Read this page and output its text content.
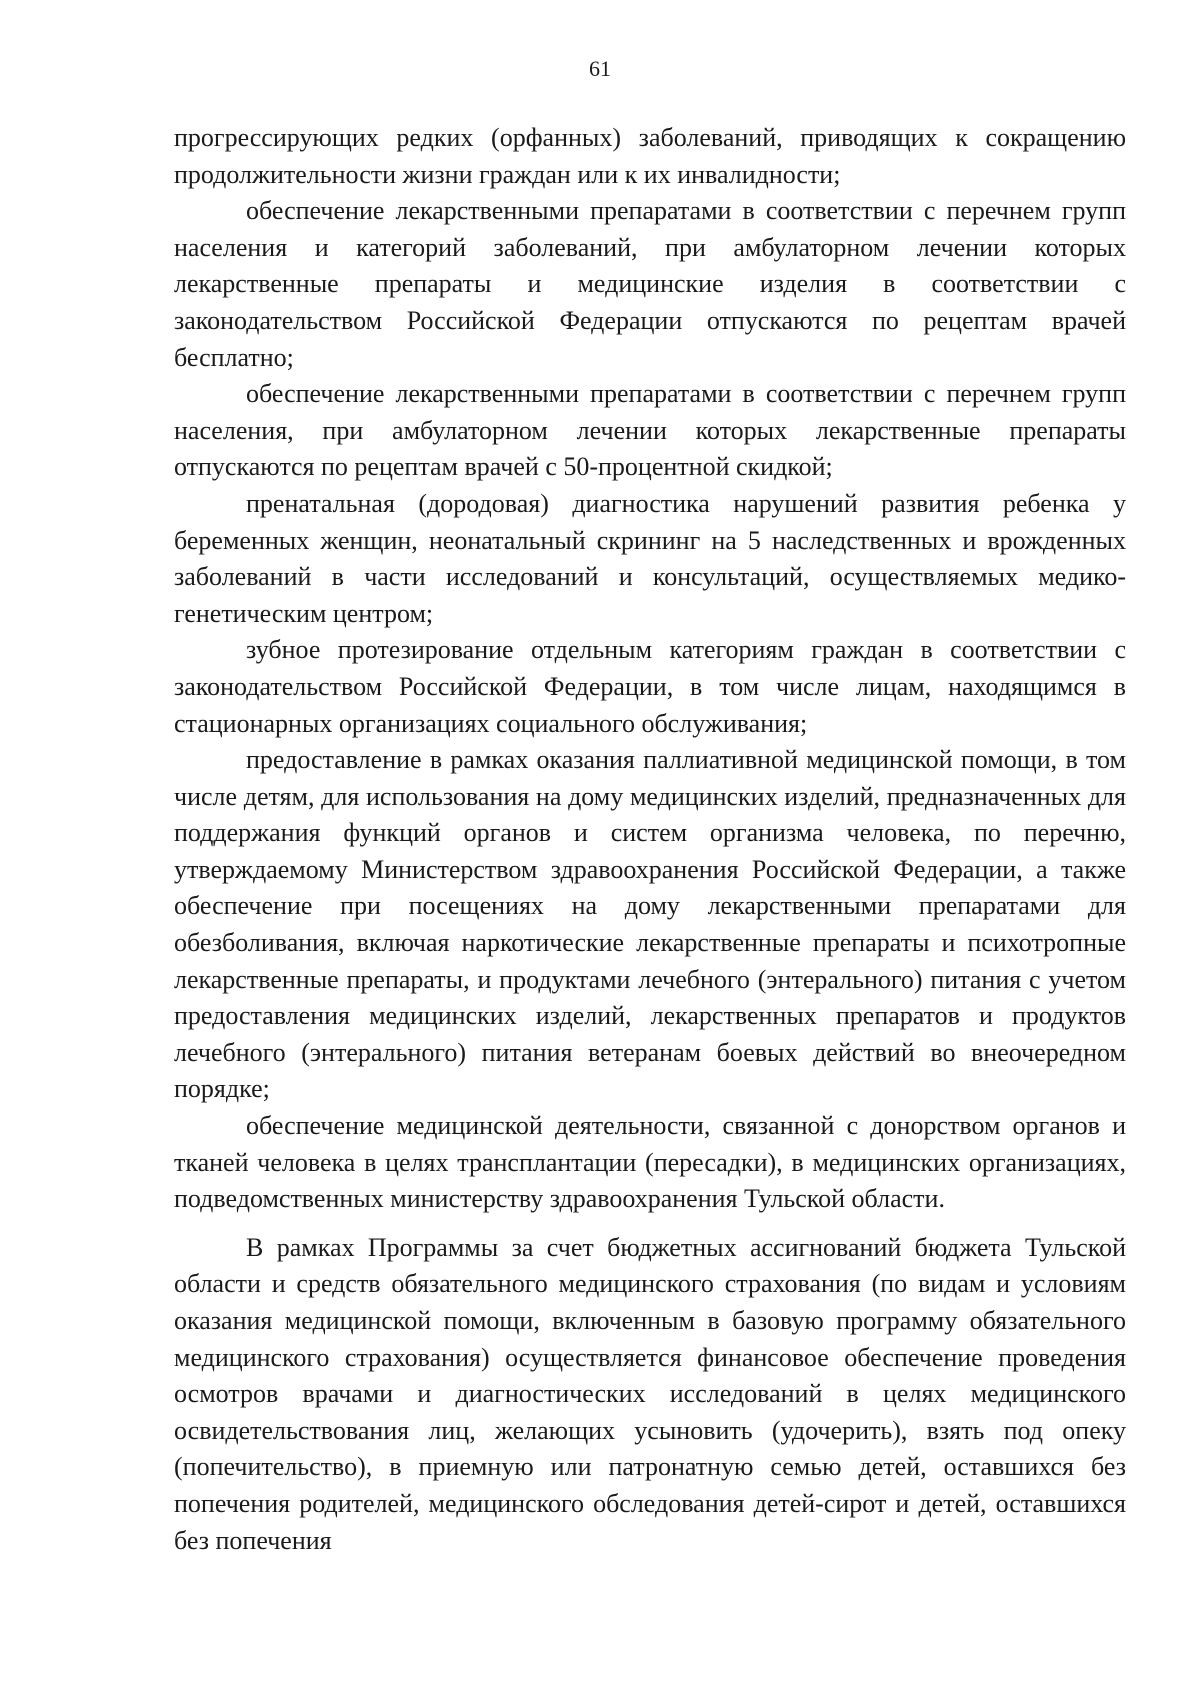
61

прогрессирующих редких (орфанных) заболеваний, приводящих к сокращению продолжительности жизни граждан или к их инвалидности;

обеспечение лекарственными препаратами в соответствии с перечнем групп населения и категорий заболеваний, при амбулаторном лечении которых лекарственные препараты и медицинские изделия в соответствии с законодательством Российской Федерации отпускаются по рецептам врачей бесплатно;

обеспечение лекарственными препаратами в соответствии с перечнем групп населения, при амбулаторном лечении которых лекарственные препараты отпускаются по рецептам врачей с 50-процентной скидкой;

пренатальная (дородовая) диагностика нарушений развития ребенка у беременных женщин, неонатальный скрининг на 5 наследственных и врожденных заболеваний в части исследований и консультаций, осуществляемых медико-генетическим центром;

зубное протезирование отдельным категориям граждан в соответствии с законодательством Российской Федерации, в том числе лицам, находящимся в стационарных организациях социального обслуживания;

предоставление в рамках оказания паллиативной медицинской помощи, в том числе детям, для использования на дому медицинских изделий, предназначенных для поддержания функций органов и систем организма человека, по перечню, утверждаемому Министерством здравоохранения Российской Федерации, а также обеспечение при посещениях на дому лекарственными препаратами для обезболивания, включая наркотические лекарственные препараты и психотропные лекарственные препараты, и продуктами лечебного (энтерального) питания с учетом предоставления медицинских изделий, лекарственных препаратов и продуктов лечебного (энтерального) питания ветеранам боевых действий во внеочередном порядке;

обеспечение медицинской деятельности, связанной с донорством органов и тканей человека в целях трансплантации (пересадки), в медицинских организациях, подведомственных министерству здравоохранения Тульской области.

В рамках Программы за счет бюджетных ассигнований бюджета Тульской области и средств обязательного медицинского страхования (по видам и условиям оказания медицинской помощи, включенным в базовую программу обязательного медицинского страхования) осуществляется финансовое обеспечение проведения осмотров врачами и диагностических исследований в целях медицинского освидетельствования лиц, желающих усыновить (удочерить), взять под опеку (попечительство), в приемную или патронатную семью детей, оставшихся без попечения родителей, медицинского обследования детей-сирот и детей, оставшихся без попечения
